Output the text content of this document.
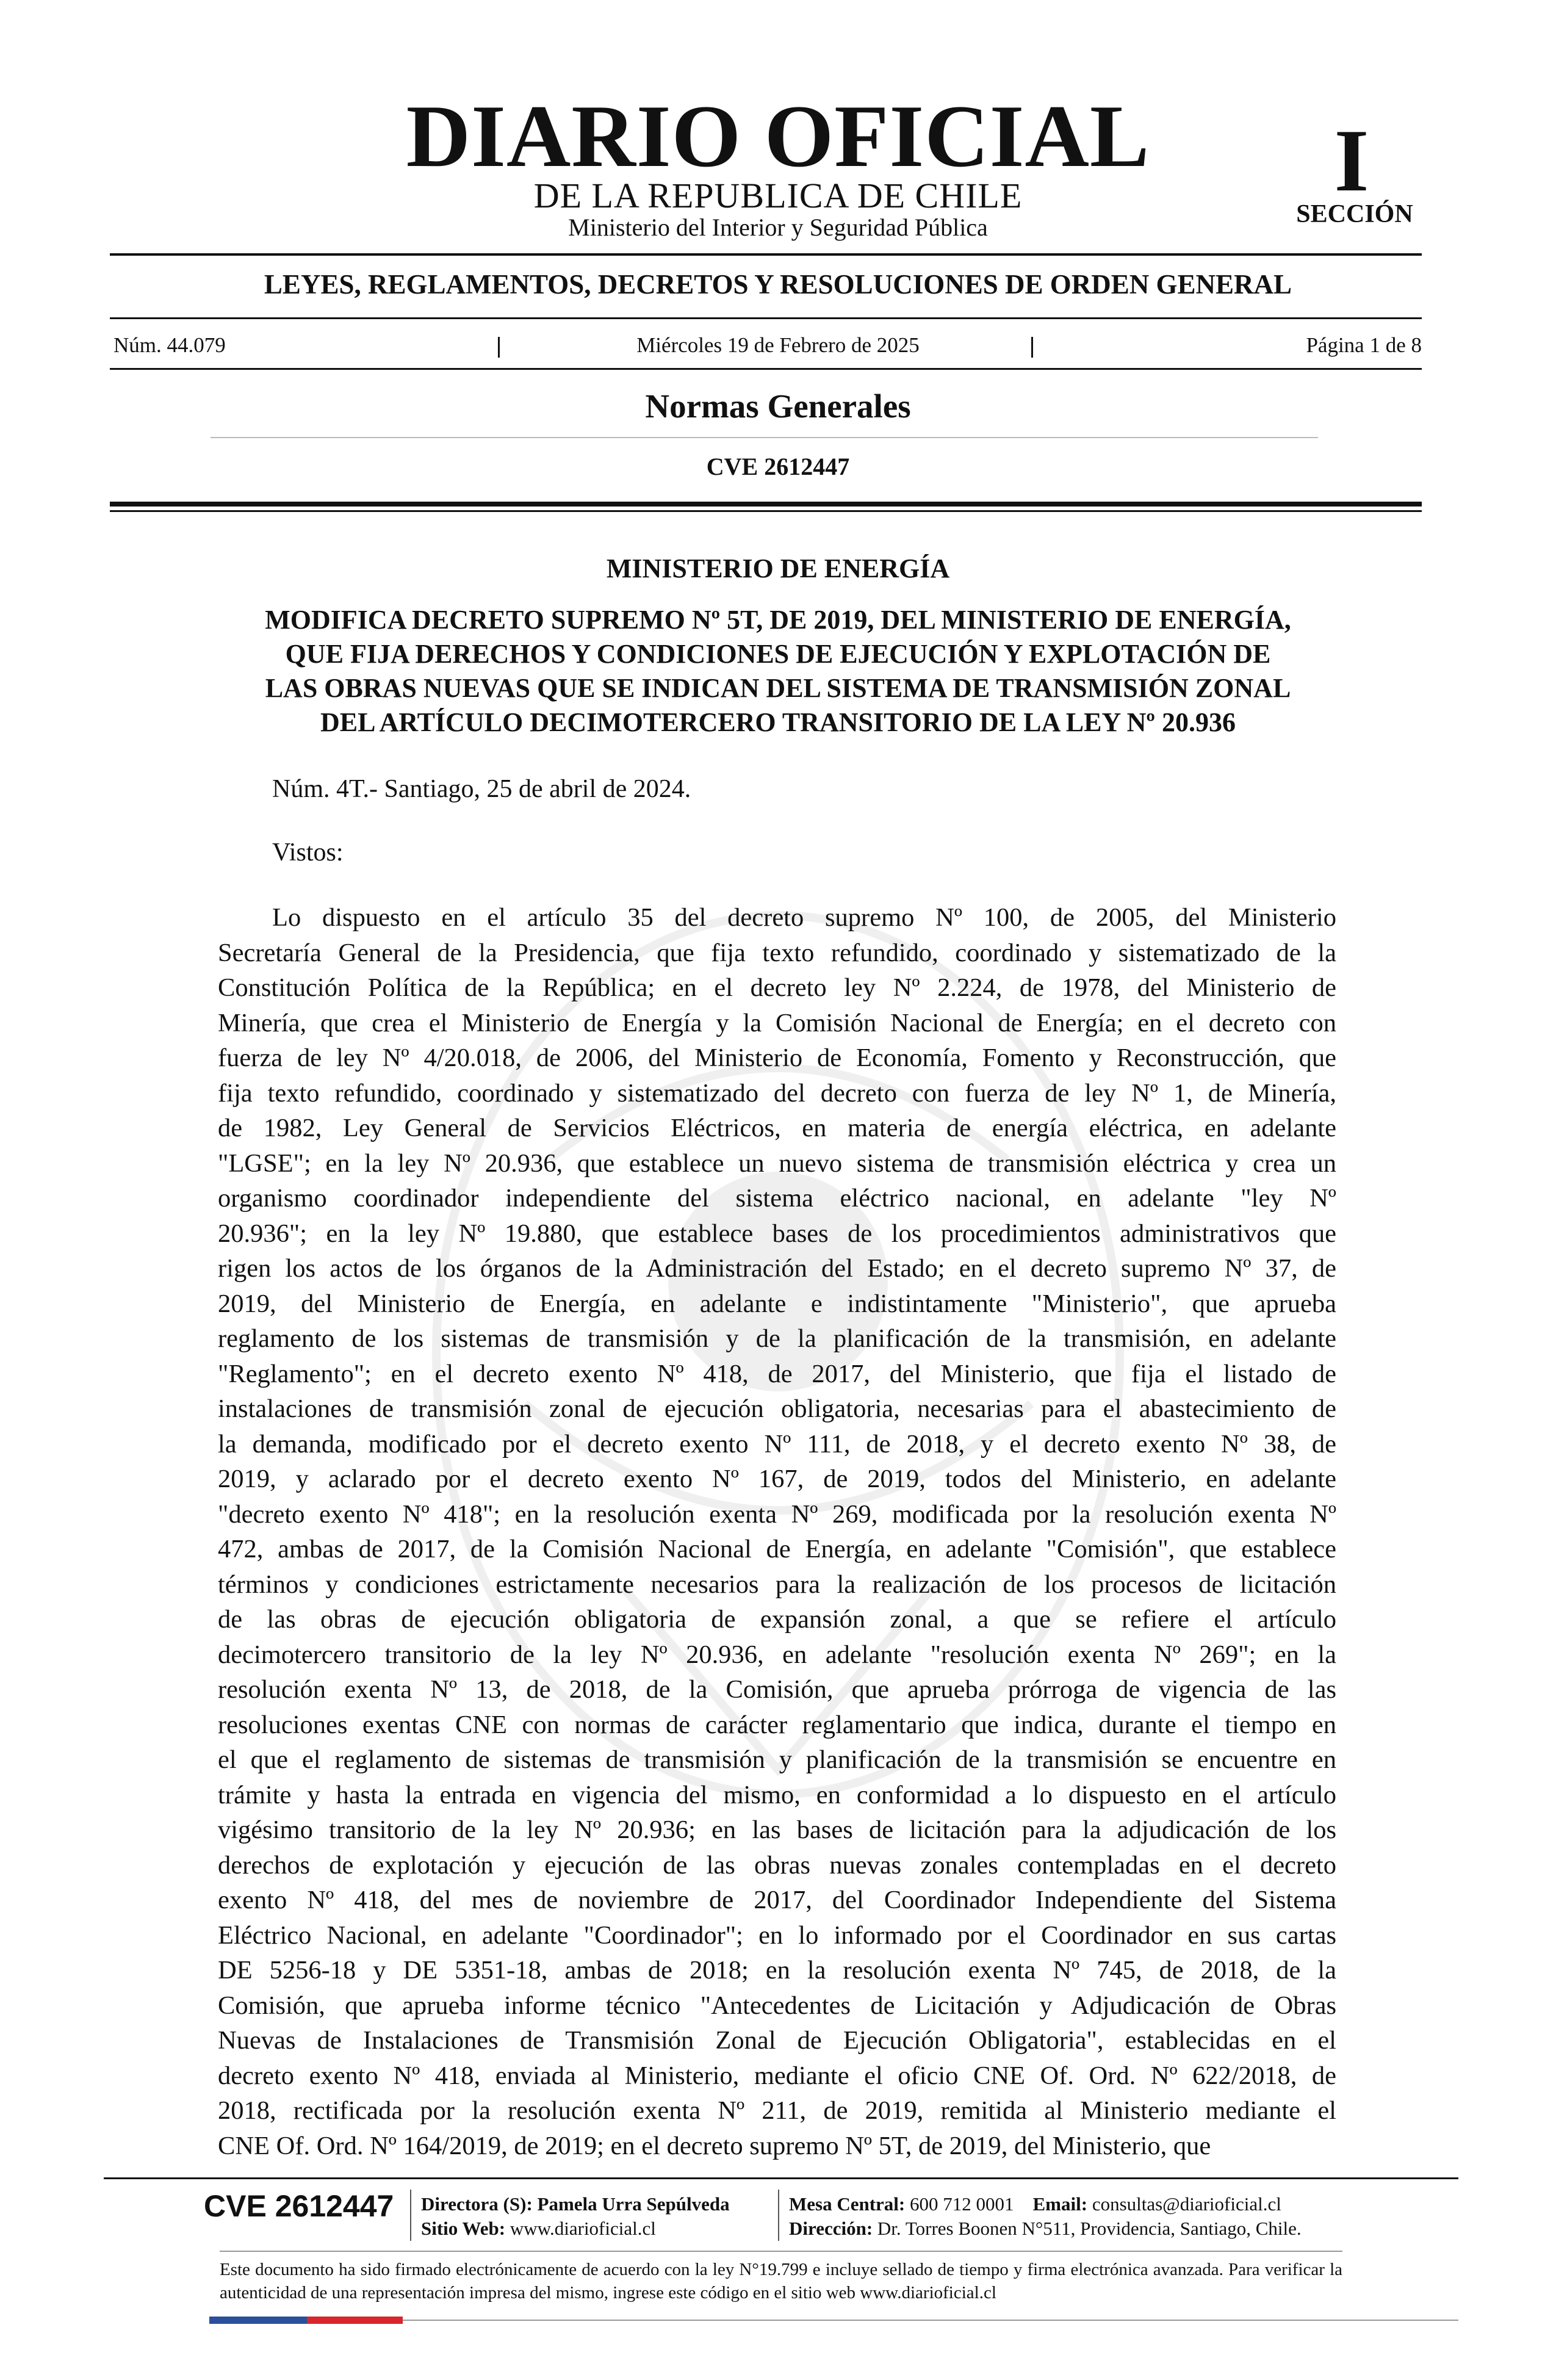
DIARIO OFICIAL
DE LA REPUBLICA DE CHILE
Ministerio del Interior y Seguridad Pública
I
SECCIÓN
LEYES, REGLAMENTOS, DECRETOS Y RESOLUCIONES DE ORDEN GENERAL
Núm. 44.079	Miércoles 19 de Febrero de 2025	Página 1 de 8
Normas Generales
CVE 2612447
MINISTERIO DE ENERGÍA
MODIFICA DECRETO SUPREMO Nº 5T, DE 2019, DEL MINISTERIO DE ENERGÍA,
QUE FIJA DERECHOS Y CONDICIONES DE EJECUCIÓN Y EXPLOTACIÓN DE
LAS OBRAS NUEVAS QUE SE INDICAN DEL SISTEMA DE TRANSMISIÓN ZONAL
DEL ARTÍCULO DECIMOTERCERO TRANSITORIO DE LA LEY Nº 20.936
Núm. 4T.- Santiago, 25 de abril de 2024.
Vistos:

Lo dispuesto en el artículo 35 del decreto supremo Nº 100, de 2005, del Ministerio

Secretaría General de la Presidencia, que fija texto refundido, coordinado y sistematizado de la

Constitución Política de la República; en el decreto ley Nº 2.224, de 1978, del Ministerio de

Minería, que crea el Ministerio de Energía y la Comisión Nacional de Energía; en el decreto con

fuerza de ley Nº 4/20.018, de 2006, del Ministerio de Economía, Fomento y Reconstrucción, que

fija texto refundido, coordinado y sistematizado del decreto con fuerza de ley Nº 1, de Minería,

de 1982, Ley General de Servicios Eléctricos, en materia de energía eléctrica, en adelante

"LGSE"; en la ley Nº 20.936, que establece un nuevo sistema de transmisión eléctrica y crea un

organismo coordinador independiente del sistema eléctrico nacional, en adelante "ley Nº

20.936"; en la ley Nº 19.880, que establece bases de los procedimientos administrativos que

rigen los actos de los órganos de la Administración del Estado; en el decreto supremo Nº 37, de

2019, del Ministerio de Energía, en adelante e indistintamente "Ministerio", que aprueba

reglamento de los sistemas de transmisión y de la planificación de la transmisión, en adelante

"Reglamento"; en el decreto exento Nº 418, de 2017, del Ministerio, que fija el listado de

instalaciones de transmisión zonal de ejecución obligatoria, necesarias para el abastecimiento de

la demanda, modificado por el decreto exento Nº 111, de 2018, y el decreto exento Nº 38, de

2019, y aclarado por el decreto exento Nº 167, de 2019, todos del Ministerio, en adelante

"decreto exento Nº 418"; en la resolución exenta Nº 269, modificada por la resolución exenta Nº

472, ambas de 2017, de la Comisión Nacional de Energía, en adelante "Comisión", que establece

términos y condiciones estrictamente necesarios para la realización de los procesos de licitación

de las obras de ejecución obligatoria de expansión zonal, a que se refiere el artículo

decimotercero transitorio de la ley Nº 20.936, en adelante "resolución exenta Nº 269"; en la

resolución exenta Nº 13, de 2018, de la Comisión, que aprueba prórroga de vigencia de las

resoluciones exentas CNE con normas de carácter reglamentario que indica, durante el tiempo en

el que el reglamento de sistemas de transmisión y planificación de la transmisión se encuentre en

trámite y hasta la entrada en vigencia del mismo, en conformidad a lo dispuesto en el artículo

vigésimo transitorio de la ley Nº 20.936; en las bases de licitación para la adjudicación de los

derechos de explotación y ejecución de las obras nuevas zonales contempladas en el decreto

exento Nº 418, del mes de noviembre de 2017, del Coordinador Independiente del Sistema

Eléctrico Nacional, en adelante "Coordinador"; en lo informado por el Coordinador en sus cartas

DE 5256-18 y DE 5351-18, ambas de 2018; en la resolución exenta Nº 745, de 2018, de la

Comisión, que aprueba informe técnico "Antecedentes de Licitación y Adjudicación de Obras

Nuevas de Instalaciones de Transmisión Zonal de Ejecución Obligatoria", establecidas en el

decreto exento Nº 418, enviada al Ministerio, mediante el oficio CNE Of. Ord. Nº 622/2018, de

2018, rectificada por la resolución exenta Nº 211, de 2019, remitida al Ministerio mediante el

CNE Of. Ord. Nº 164/2019, de 2019; en el decreto supremo Nº 5T, de 2019, del Ministerio, que

CVE 2612447 Directora (S): Pamela Urra Sepúlveda
Sitio Web: www.diarioficial.cl
Mesa Central: 600 712 0001 Email: consultas@diarioficial.cl
Dirección: Dr. Torres Boonen N°511, Providencia, Santiago, Chile.
Este documento ha sido firmado electrónicamente de acuerdo con la ley N°19.799 e incluye sellado de tiempo y firma electrónica avanzada. Para verificar la autenticidad de una representación impresa del mismo, ingrese este código en el sitio web www.diarioficial.cl
